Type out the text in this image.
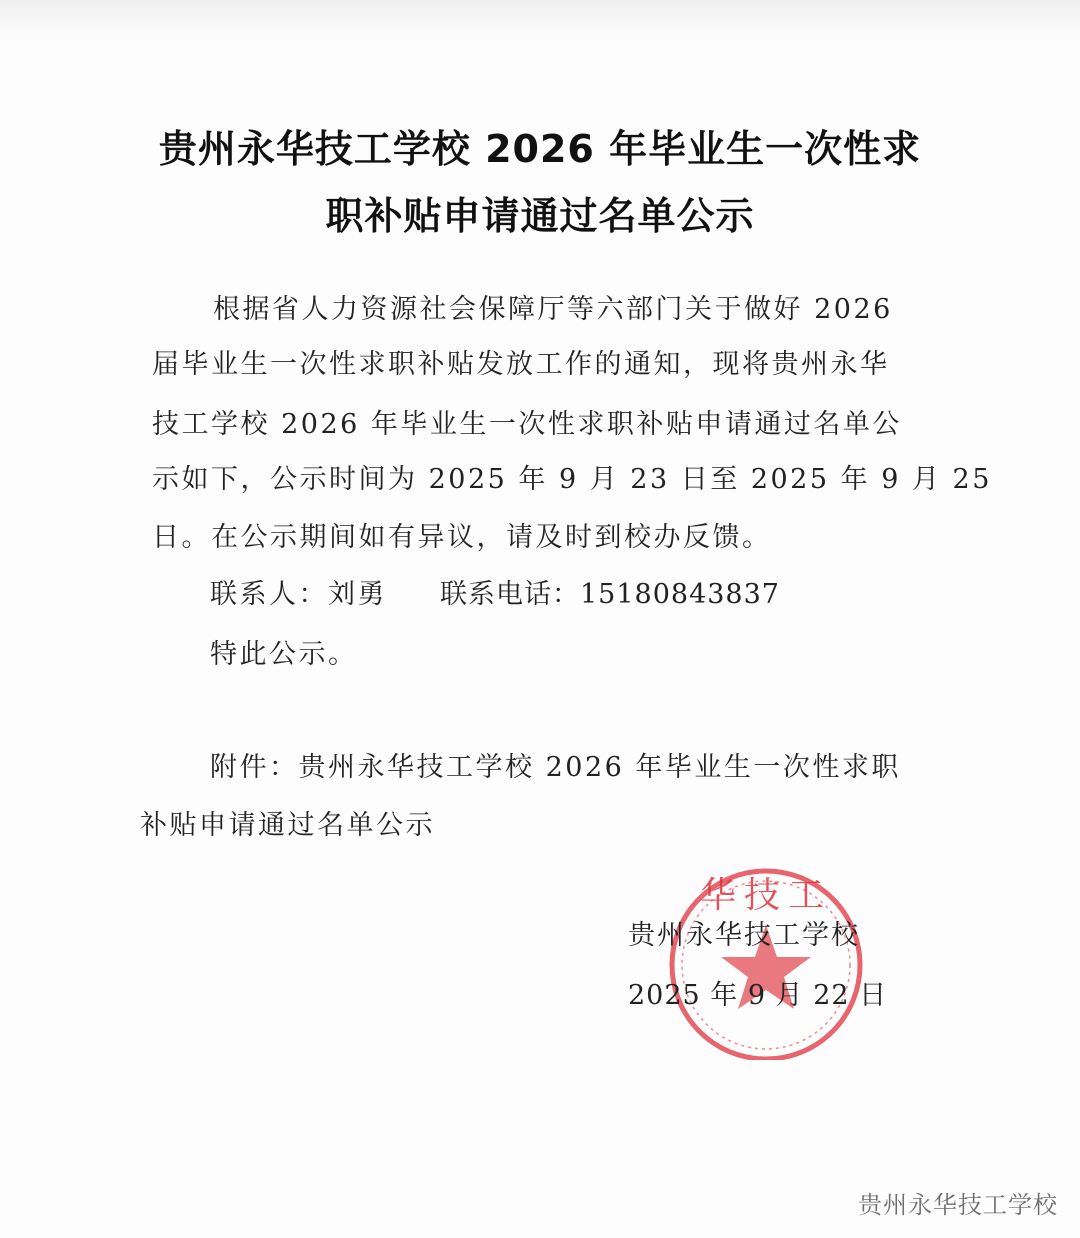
贵州永华技工学校 2026 年毕业生一次性求
职补贴申请通过名单公示
根据省人力资源社会保障厅等六部门关于做好 2026
届毕业生一次性求职补贴发放工作的通知，现将贵州永华
技工学校 2026 年毕业生一次性求职补贴申请通过名单公
示如下，公示时间为 2025 年 9 月 23 日至 2025 年 9 月 25
日。在公示期间如有异议，请及时到校办反馈。
联系人：刘勇 联系电话：15180843837
特此公示。
附件：贵州永华技工学校 2026 年毕业生一次性求职
补贴申请通过名单公示
华技工
贵州永华技工学校
2025 年 9 月 22 日
贵州永华技工学校
